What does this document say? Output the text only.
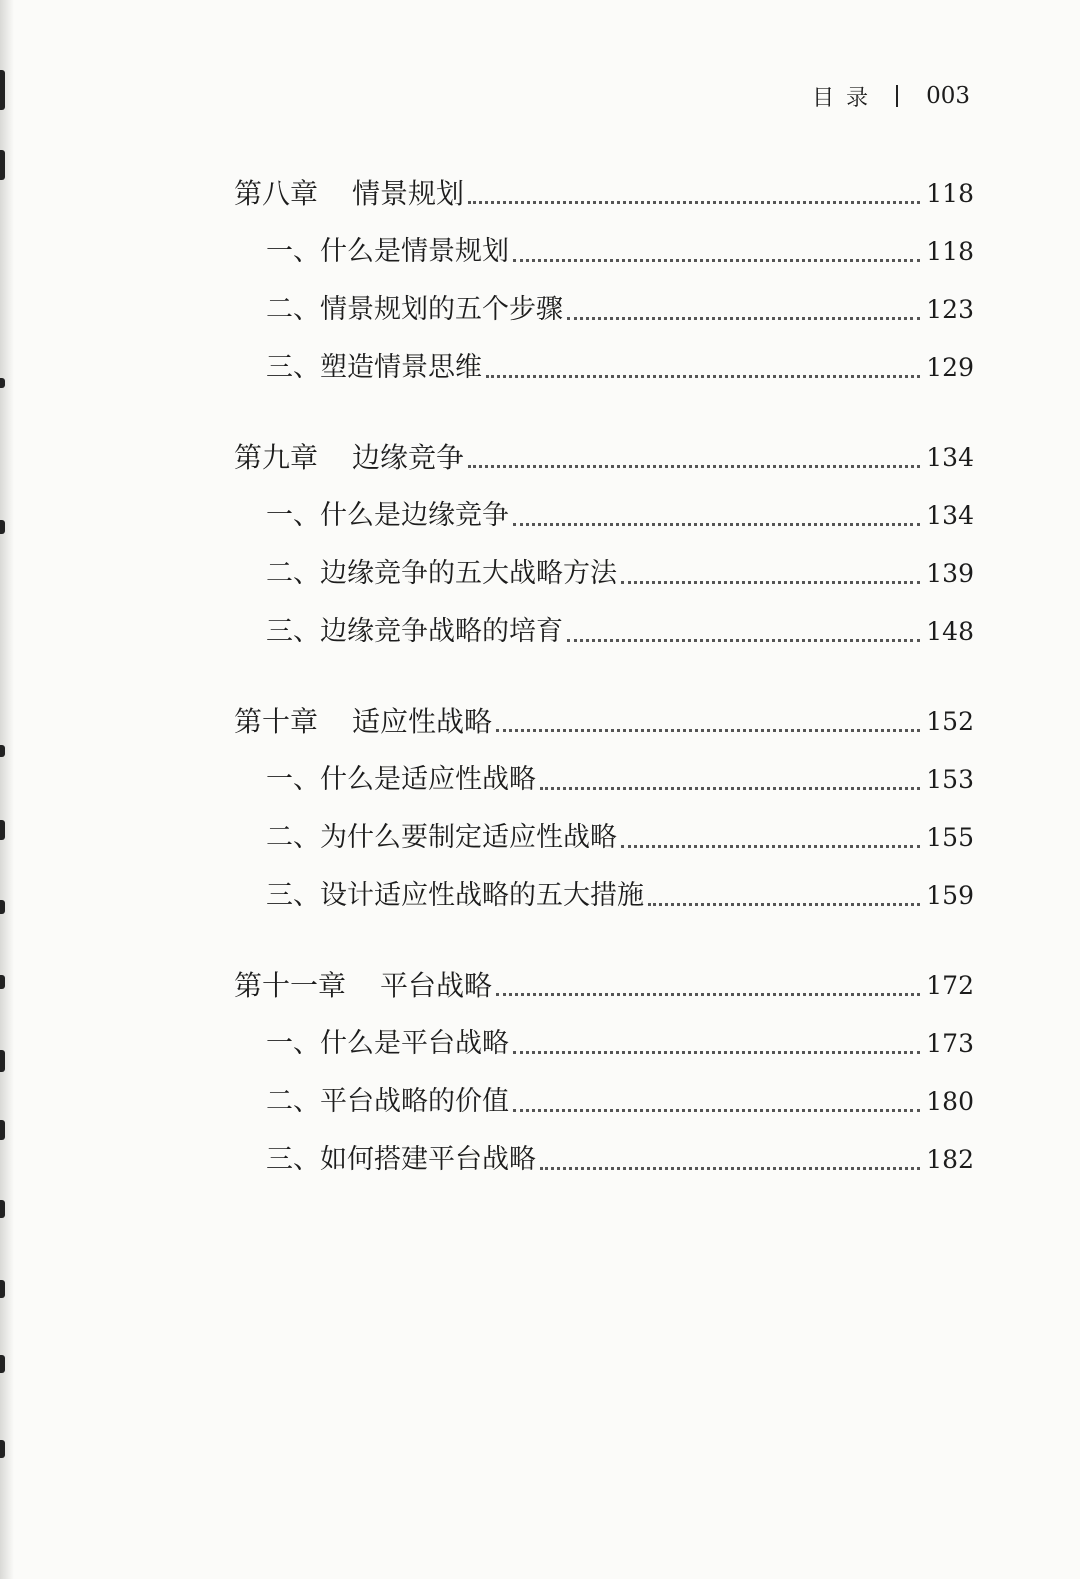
目录 003
第八章 情景规划	118
一、什么是情景规划	118
二、情景规划的五个步骤	123
三、塑造情景思维	129
第九章 边缘竞争	134
一、什么是边缘竞争	134
二、边缘竞争的五大战略方法	139
三、边缘竞争战略的培育	148
第十章 适应性战略	152
一、什么是适应性战略	153
二、为什么要制定适应性战略	155
三、设计适应性战略的五大措施	159
第十一章 平台战略	172
一、什么是平台战略	173
二、平台战略的价值	180
三、如何搭建平台战略	182
